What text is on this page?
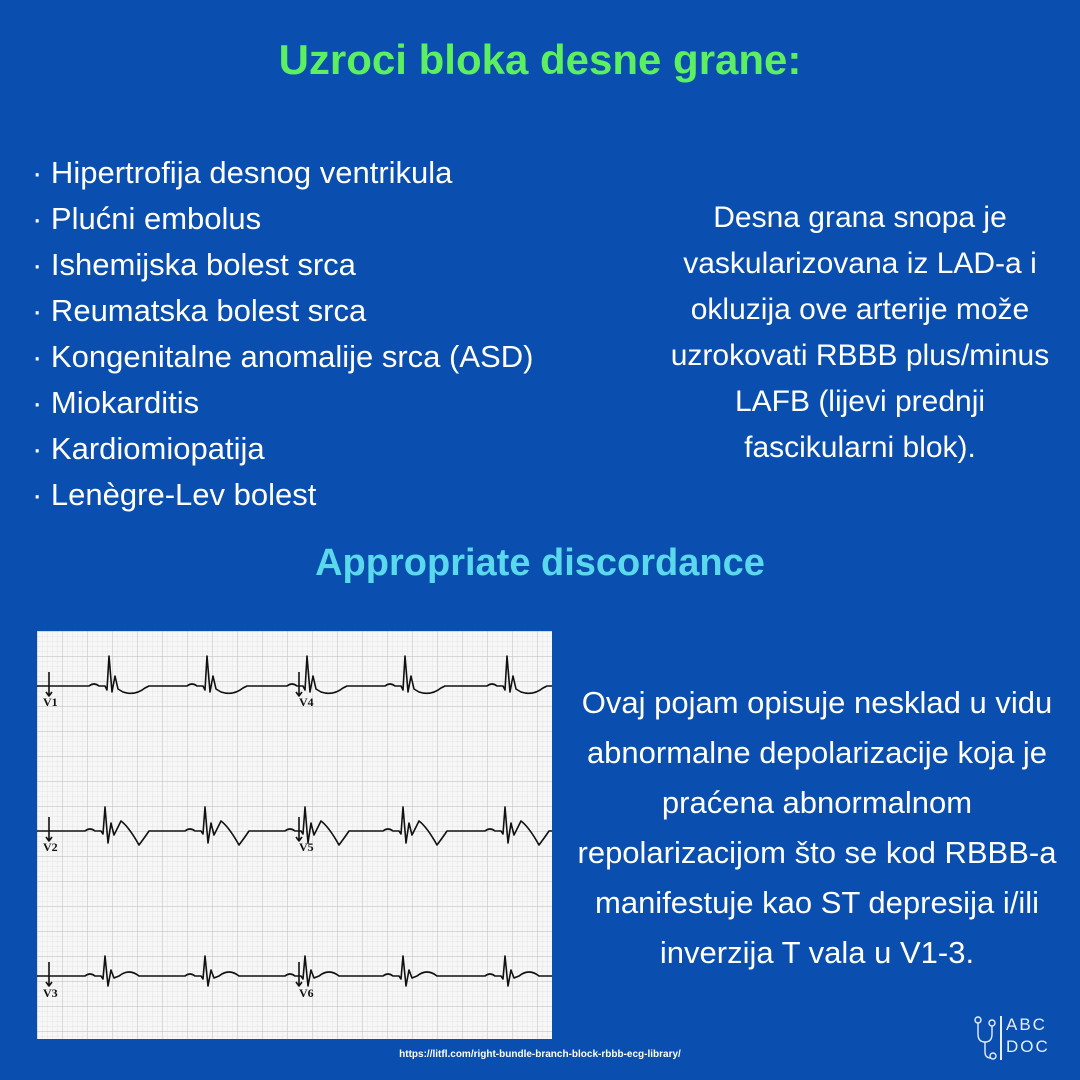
Uzroci bloka desne grane:
· Hipertrofija desnog ventrikula
· Plućni embolus
· Ishemijska bolest srca
· Reumatska bolest srca
· Kongenitalne anomalije srca (ASD)
· Miokarditis
· Kardiomiopatija
· Lenègre-Lev bolest

Desna grana snopa je vaskularizovana iz LAD-a i okluzija ove arterije može uzrokovati RBBB plus/minus LAFB (lijevi prednji fascikularni blok).

Appropriate discordance
V1	V4
V2	V5
V3	V6

Ovaj pojam opisuje nesklad u vidu abnormalne depolarizacije koja je praćena abnormalnom repolarizacijom što se kod RBBB-a manifestuje kao ST depresija i/ili inverzija T vala u V1-3.

https://litfl.com/right-bundle-branch-block-rbbb-ecg-library/
ABC
DOC
